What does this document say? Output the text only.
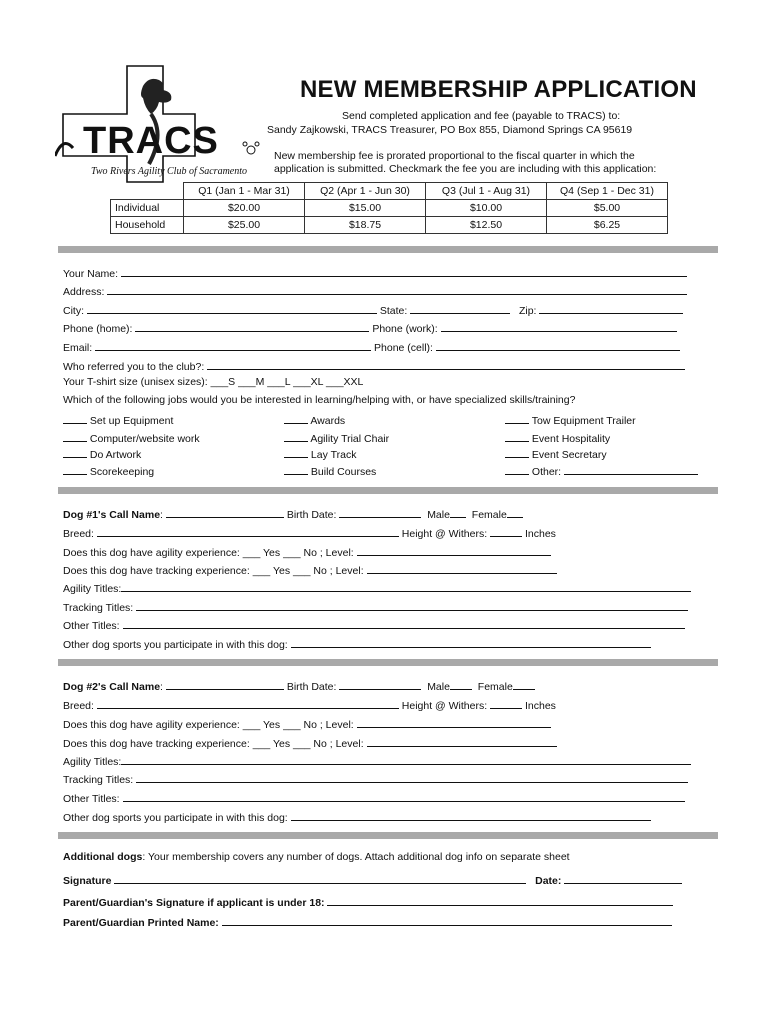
TRACS
Two Rivers Agility Club of Sacramento
NEW MEMBERSHIP APPLICATION
Send completed application and fee (payable to TRACS) to:
Sandy Zajkowski, TRACS Treasurer, PO Box 855, Diamond Springs CA 95619
New membership fee is prorated proportional to the fiscal quarter in which the
application is submitted. Checkmark the fee you are including with this application:
	Q1 (Jan 1 - Mar 31)	Q2 (Apr 1 - Jun 30)	Q3 (Jul 1 - Aug 31)	Q4 (Sep 1 - Dec 31)
Individual	$20.00	$15.00	$10.00	$5.00
Household	$25.00	$18.75	$12.50	$6.25
Your Name:
Address:
City:	State:	Zip:
Phone (home):	Phone (work):
Email:	Phone (cell):
Who referred you to the club?:
Your T-shirt size (unisex sizes): ___S ___M ___L ___XL ___XXL
Which of the following jobs would you be interested in learning/helping with, or have specialized skills/training?
Set up Equipment
Computer/website work
Do Artwork
Scorekeeping
Awards
Agility Trial Chair
Lay Track
Build Courses
Tow Equipment Trailer
Event Hospitality
Event Secretary
Other:
Dog #1's Call Name:	Birth Date:	Male Female
Breed:	Height @ Withers:	Inches
Does this dog have agility experience: ___ Yes ___ No ; Level:
Does this dog have tracking experience: ___ Yes ___ No ; Level:
Agility Titles:
Tracking Titles:
Other Titles:
Other dog sports you participate in with this dog:
Dog #2's Call Name:	Birth Date:	Male	Female
Breed:	Height @ Withers:	Inches
Does this dog have agility experience: ___ Yes ___ No ; Level:
Does this dog have tracking experience: ___ Yes ___ No ; Level:
Agility Titles:
Tracking Titles:
Other Titles:
Other dog sports you participate in with this dog:
Additional dogs: Your membership covers any number of dogs. Attach additional dog info on separate sheet
Signature	Date:
Parent/Guardian's Signature if applicant is under 18:
Parent/Guardian Printed Name:
